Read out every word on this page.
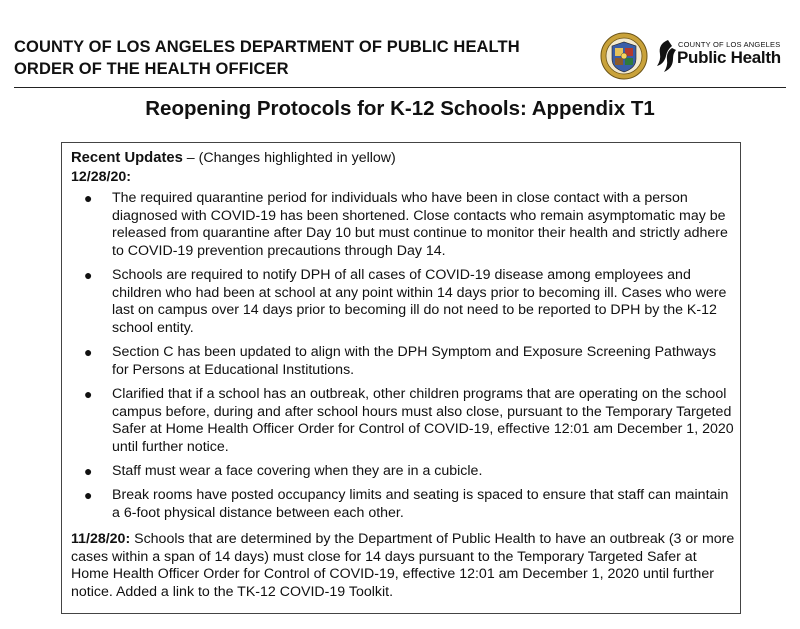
COUNTY OF LOS ANGELES DEPARTMENT OF PUBLIC HEALTH
ORDER OF THE HEALTH OFFICER
COUNTY OF LOS ANGELES
Public Health
Reopening Protocols for K-12 Schools: Appendix T1
Recent Updates – (Changes highlighted in yellow)
12/28/20:
● The required quarantine period for individuals who have been in close contact with a person diagnosed with COVID-19 has been shortened. Close contacts who remain asymptomatic may be released from quarantine after Day 10 but must continue to monitor their health and strictly adhere to COVID-19 prevention precautions through Day 14.
● Schools are required to notify DPH of all cases of COVID-19 disease among employees and children who had been at school at any point within 14 days prior to becoming ill. Cases who were last on campus over 14 days prior to becoming ill do not need to be reported to DPH by the K-12 school entity.
● Section C has been updated to align with the DPH Symptom and Exposure Screening Pathways for Persons at Educational Institutions.
● Clarified that if a school has an outbreak, other children programs that are operating on the school campus before, during and after school hours must also close, pursuant to the Temporary Targeted Safer at Home Health Officer Order for Control of COVID-19, effective 12:01 am December 1, 2020 until further notice.
● Staff must wear a face covering when they are in a cubicle.
● Break rooms have posted occupancy limits and seating is spaced to ensure that staff can maintain a 6-foot physical distance between each other.
11/28/20: Schools that are determined by the Department of Public Health to have an outbreak (3 or more cases within a span of 14 days) must close for 14 days pursuant to the Temporary Targeted Safer at Home Health Officer Order for Control of COVID-19, effective 12:01 am December 1, 2020 until further notice. Added a link to the TK-12 COVID-19 Toolkit.
